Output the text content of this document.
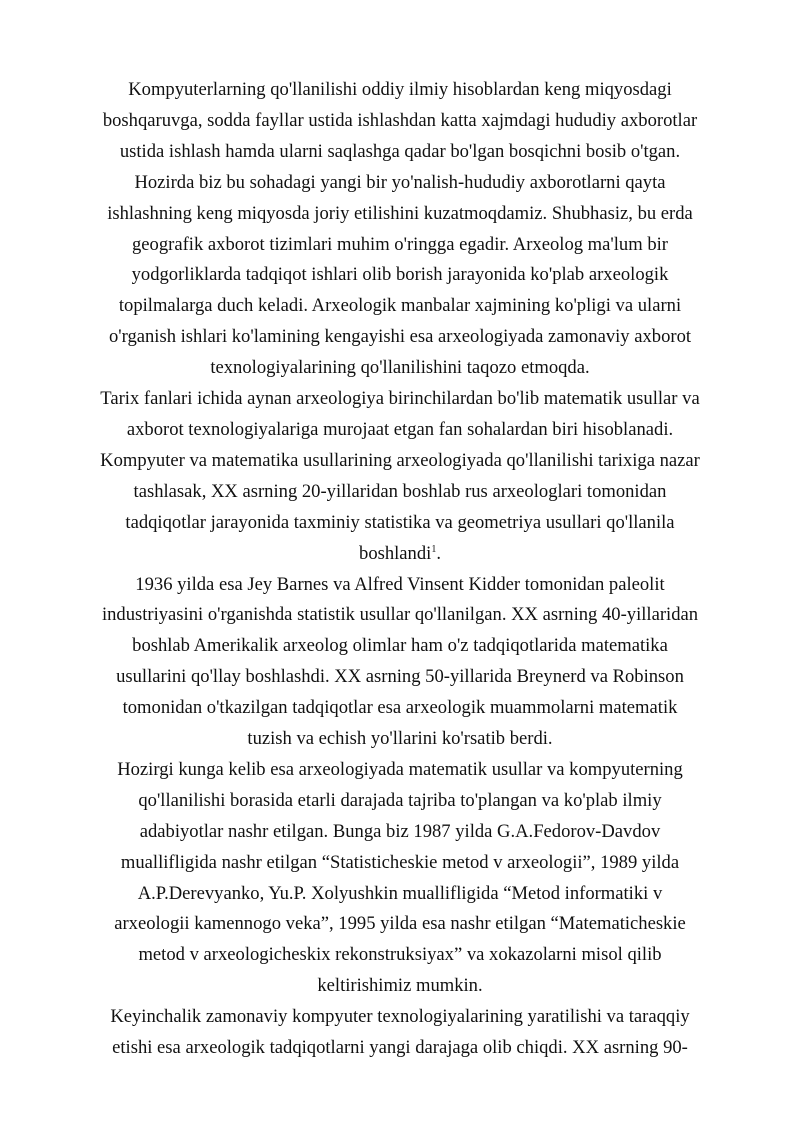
Kompyuterlarning qo'llanilishi oddiy ilmiy hisoblardan keng miqyosdagi boshqaruvga, sodda fayllar ustida ishlashdan katta xajmdagi hududiy axborotlar ustida ishlash hamda ularni saqlashga qadar bo'lgan bosqichni bosib o'tgan. Hozirda biz bu sohadagi yangi bir yo'nalish-hududiy axborotlarni qayta ishlashning keng miqyosda joriy etilishini kuzatmoqdamiz. Shubhasiz, bu erda geografik axborot tizimlari muhim o'ringga egadir. Arxeolog ma'lum bir yodgorliklarda tadqiqot ishlari olib borish jarayonida ko'plab arxeologik topilmalarga duch keladi. Arxeologik manbalar xajmining ko'pligi va ularni o'rganish ishlari ko'lamining kengayishi esa arxeologiyada zamonaviy axborot texnologiyalarining qo'llanilishini taqozo etmoqda.

Tarix fanlari ichida aynan arxeologiya birinchilardan bo'lib matematik usullar va axborot texnologiyalariga murojaat etgan fan sohalardan biri hisoblanadi. Kompyuter va matematika usullarining arxeologiyada qo'llanilishi tarixiga nazar tashlasak, XX asrning 20-yillaridan boshlab rus arxeologlari tomonidan tadqiqotlar jarayonida taxminiy statistika va geometriya usullari qo'llanila boshlandi$^1$.

1936 yilda esa Jey Barnes va Alfred Vinsent Kidder tomonidan paleolit industriyasini o'rganishda statistik usullar qo'llanilgan. XX asrning 40-yillaridan boshlab Amerikalik arxeolog olimlar ham o'z tadqiqotlarida matematika usullarini qo'llay boshlashdi. XX asrning 50-yillarida Breynerd va Robinson tomonidan o'tkazilgan tadqiqotlar esa arxeologik muammolarni matematik tuzish va echish yo'llarini ko'rsatib berdi.

Hozirgi kunga kelib esa arxeologiyada matematik usullar va kompyuterning qo'llanilishi borasida etarli darajada tajriba to'plangan va ko'plab ilmiy adabiyotlar nashr etilgan. Bunga biz 1987 yilda G.A.Fedorov-Davdov muallifligida nashr etilgan “Statisticheskie metod v arxeologii”, 1989 yilda A.P.Derevyanko, Yu.P. Xolyushkin muallifligida “Metod informatiki v arxeologii kamennogo veka”, 1995 yilda esa nashr etilgan “Matematicheskie metod v arxeologicheskix rekonstruksiyax” va xokazolarni misol qilib keltirishimiz mumkin.

Keyinchalik zamonaviy kompyuter texnologiyalarining yaratilishi va taraqqiy etishi esa arxeologik tadqiqotlarni yangi darajaga olib chiqdi. XX asrning 90-
